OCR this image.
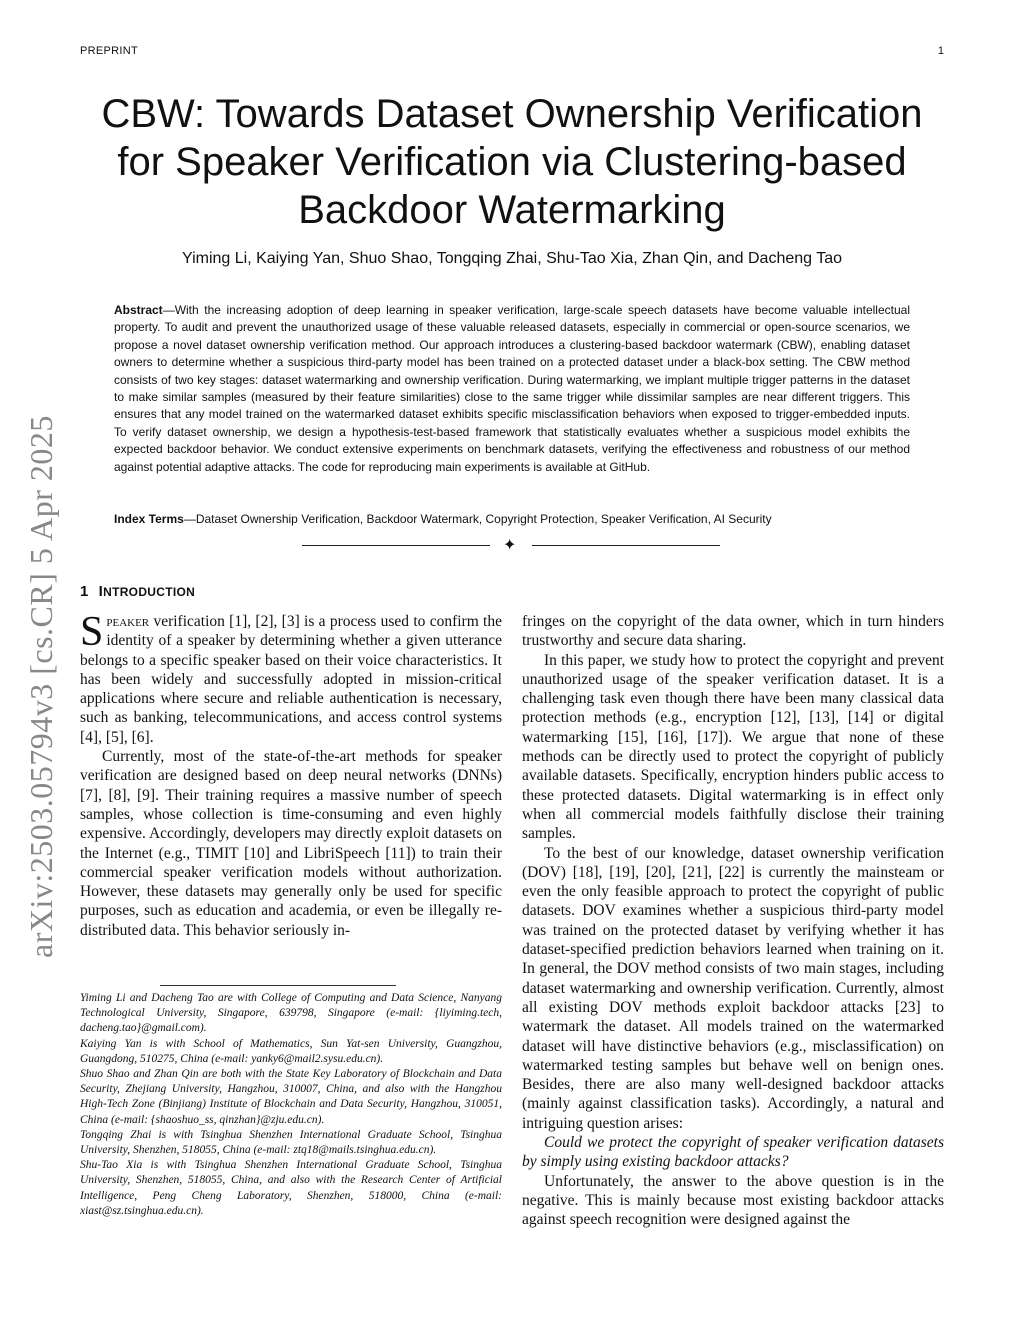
PREPRINT	1
CBW: Towards Dataset Ownership Verification
for Speaker Verification via Clustering-based
Backdoor Watermarking
Yiming Li, Kaiying Yan, Shuo Shao, Tongqing Zhai, Shu-Tao Xia, Zhan Qin, and Dacheng Tao

Abstract—With the increasing adoption of deep learning in speaker verification, large-scale speech datasets have become valuable intellectual property. To audit and prevent the unauthorized usage of these valuable released datasets, especially in commercial or open-source scenarios, we propose a novel dataset ownership verification method. Our approach introduces a clustering-based backdoor watermark (CBW), enabling dataset owners to determine whether a suspicious third-party model has been trained on a protected dataset under a black-box setting. The CBW method consists of two key stages: dataset watermarking and ownership verification. During watermarking, we implant multiple trigger patterns in the dataset to make similar samples (measured by their feature similarities) close to the same trigger while dissimilar samples are near different triggers. This ensures that any model trained on the watermarked dataset exhibits specific misclassification behaviors when exposed to trigger-embedded inputs. To verify dataset ownership, we design a hypothesis-test-based framework that statistically evaluates whether a suspicious model exhibits the expected backdoor behavior. We conduct extensive experiments on benchmark datasets, verifying the effectiveness and robustness of our method against potential adaptive attacks. The code for reproducing main experiments is available at GitHub.

Index Terms—Dataset Ownership Verification, Backdoor Watermark, Copyright Protection, Speaker Verification, AI Security

✦
arXiv:2503.05794v3 [cs.CR] 5 Apr 2025 1 INTRODUCTION

Speaker verification [1], [2], [3] is a process used to confirm the identity of a speaker by determining whether a given utterance belongs to a specific speaker based on their voice characteristics. It has been widely and successfully adopted in mission-critical applications where secure and reliable authentication is necessary, such as banking, telecommunications, and access control systems [4], [5], [6].

Currently, most of the state-of-the-art methods for speaker verification are designed based on deep neural networks (DNNs) [7], [8], [9]. Their training requires a massive number of speech samples, whose collection is time-consuming and even highly expensive. Accordingly, developers may directly exploit datasets on the Internet (e.g., TIMIT [10] and LibriSpeech [11]) to train their commercial speaker verification models without authorization. However, these datasets may generally only be used for specific purposes, such as education and academia, or even be illegally re-distributed data. This behavior seriously in-

Yiming Li and Dacheng Tao are with College of Computing and Data Science, Nanyang Technological University, Singapore, 639798, Singapore (e-mail: {liyiming.tech, dacheng.tao}@gmail.com).

Kaiying Yan is with School of Mathematics, Sun Yat-sen University, Guangzhou, Guangdong, 510275, China (e-mail: yanky6@mail2.sysu.edu.cn).

Shuo Shao and Zhan Qin are both with the State Key Laboratory of Blockchain and Data Security, Zhejiang University, Hangzhou, 310007, China, and also with the Hangzhou High-Tech Zone (Binjiang) Institute of Blockchain and Data Security, Hangzhou, 310051, China (e-mail: {shaoshuo_ss, qinzhan}@zju.edu.cn).

Tongqing Zhai is with Tsinghua Shenzhen International Graduate School, Tsinghua University, Shenzhen, 518055, China (e-mail: ztq18@mails.tsinghua.edu.cn).

Shu-Tao Xia is with Tsinghua Shenzhen International Graduate School, Tsinghua University, Shenzhen, 518055, China, and also with the Research Center of Artificial Intelligence, Peng Cheng Laboratory, Shenzhen, 518000, China (e-mail: xiast@sz.tsinghua.edu.cn).

fringes on the copyright of the data owner, which in turn hinders trustworthy and secure data sharing.

In this paper, we study how to protect the copyright and prevent unauthorized usage of the speaker verification dataset. It is a challenging task even though there have been many classical data protection methods (e.g., encryption [12], [13], [14] or digital watermarking [15], [16], [17]). We argue that none of these methods can be directly used to protect the copyright of publicly available datasets. Specifically, encryption hinders public access to these protected datasets. Digital watermarking is in effect only when all commercial models faithfully disclose their training samples.

To the best of our knowledge, dataset ownership verification (DOV) [18], [19], [20], [21], [22] is currently the mainsteam or even the only feasible approach to protect the copyright of public datasets. DOV examines whether a suspicious third-party model was trained on the protected dataset by verifying whether it has dataset-specified prediction behaviors learned when training on it. In general, the DOV method consists of two main stages, including dataset watermarking and ownership verification. Currently, almost all existing DOV methods exploit backdoor attacks [23] to watermark the dataset. All models trained on the watermarked dataset will have distinctive behaviors (e.g., misclassification) on watermarked testing samples but behave well on benign ones. Besides, there are also many well-designed backdoor attacks (mainly against classification tasks). Accordingly, a natural and intriguing question arises:

Could we protect the copyright of speaker verification datasets by simply using existing backdoor attacks?

Unfortunately, the answer to the above question is in the negative. This is mainly because most existing backdoor attacks against speech recognition were designed against the
